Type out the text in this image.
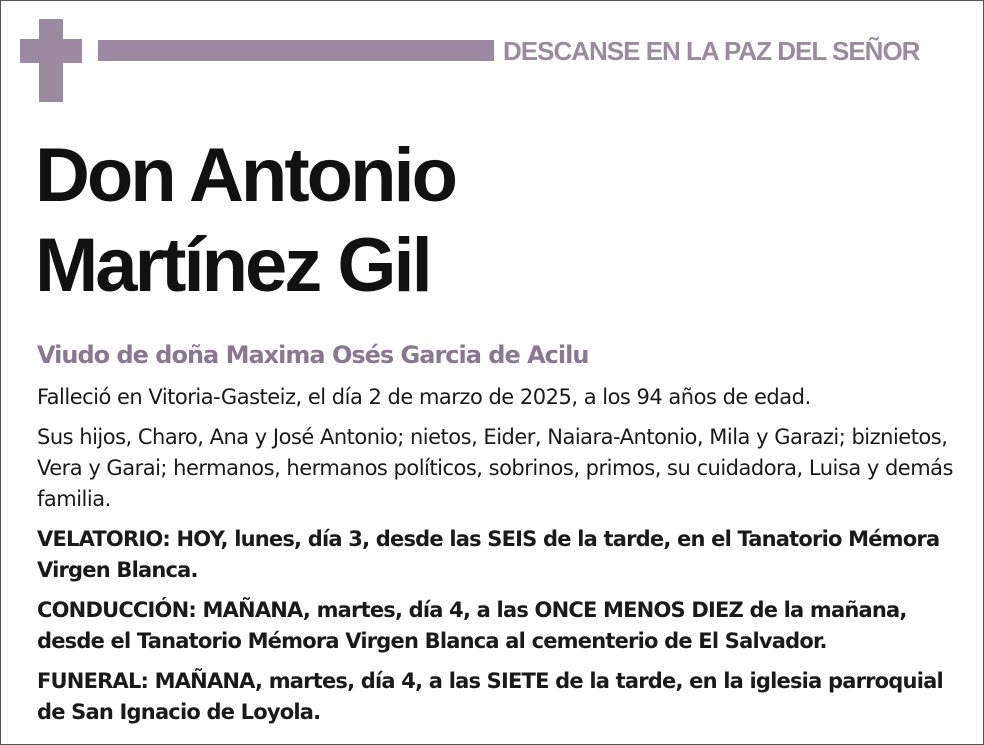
DESCANSE EN LA PAZ DEL SEÑOR
Don Antonio
Martínez Gil
Viudo de doña Maxima Osés Garcia de Acilu

Falleció en Vitoria-Gasteiz, el día 2 de marzo de 2025, a los 94 años de edad.

Sus hijos, Charo, Ana y José Antonio; nietos, Eider, Naiara-Antonio, Mila y Garazi; biznietos, Vera y Garai; hermanos, hermanos políticos, sobrinos, primos, su cuidadora, Luisa y demás familia.

VELATORIO: HOY, lunes, día 3, desde las SEIS de la tarde, en el Tanatorio Mémora Virgen Blanca.

CONDUCCIÓN: MAÑANA, martes, día 4, a las ONCE MENOS DIEZ de la mañana, desde el Tanatorio Mémora Virgen Blanca al cementerio de El Salvador.

FUNERAL: MAÑANA, martes, día 4, a las SIETE de la tarde, en la iglesia parroquial de San Ignacio de Loyola.
